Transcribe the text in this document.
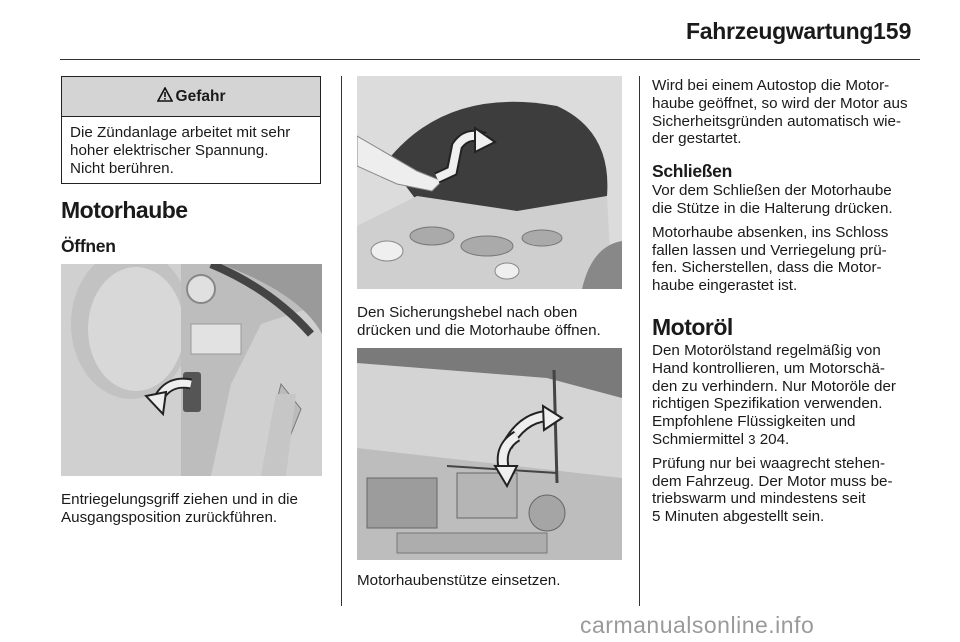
Fahrzeugwartung 159
Gefahr

Die Zündanlage arbeitet mit sehr

hoher elektrischer Spannung.

Nicht berühren.

Motorhaube

Öffnen

Entriegelungsgriff ziehen und in die

Ausgangsposition zurückführen.

Den Sicherungshebel nach oben

drücken und die Motorhaube öffnen.

Motorhaubenstütze einsetzen.

Wird bei einem Autostop die Motor-

haube geöffnet, so wird der Motor aus

Sicherheitsgründen automatisch wie-

der gestartet.

Schließen

Vor dem Schließen der Motorhaube

die Stütze in die Halterung drücken.

Motorhaube absenken, ins Schloss

fallen lassen und Verriegelung prü-

fen. Sicherstellen, dass die Motor-

haube eingerastet ist.

Motoröl

Den Motorölstand regelmäßig von

Hand kontrollieren, um Motorschä-

den zu verhindern. Nur Motoröle der

richtigen Spezifikation verwenden.

Empfohlene Flüssigkeiten und

Schmiermittel 3 204.

Prüfung nur bei waagrecht stehen-

dem Fahrzeug. Der Motor muss be-

triebswarm und mindestens seit

5 Minuten abgestellt sein.

carmanualsonline.info
